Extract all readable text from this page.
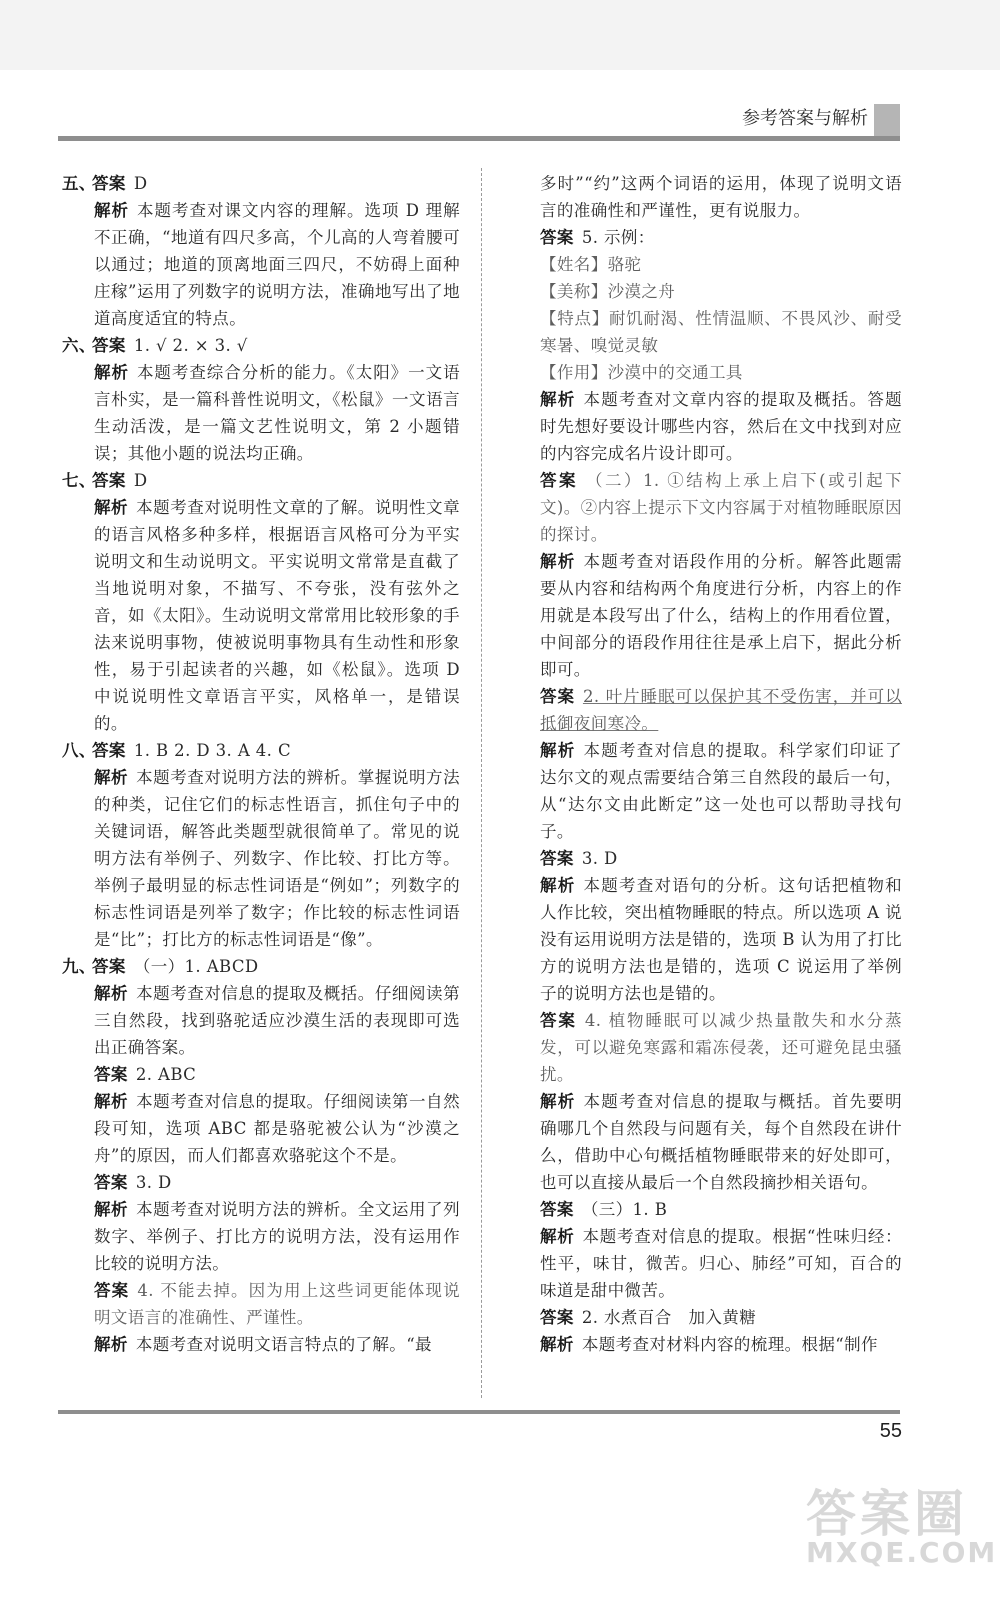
参考答案与解析

五、答案 D

解析 本题考查对课文内容的理解。选项 D 理解不正确，“地道有四尺多高，个儿高的人弯着腰可以通过；地道的顶离地面三四尺，不妨碍上面种庄稼”运用了列数字的说明方法，准确地写出了地道高度适宜的特点。

六、答案 1. √ 2. × 3. √

解析 本题考查综合分析的能力。《太阳》一文语言朴实，是一篇科普性说明文，《松鼠》一文语言生动活泼，是一篇文艺性说明文，第 2 小题错误；其他小题的说法均正确。

七、答案 D

解析 本题考查对说明性文章的了解。说明性文章的语言风格多种多样，根据语言风格可分为平实说明文和生动说明文。平实说明文常常是直截了当地说明对象，不描写、不夸张，没有弦外之音，如《太阳》。生动说明文常常用比较形象的手法来说明事物，使被说明事物具有生动性和形象性，易于引起读者的兴趣，如《松鼠》。选项 D 中说说明性文章语言平实，风格单一，是错误的。

八、答案 1. B 2. D 3. A 4. C

解析 本题考查对说明方法的辨析。掌握说明方法的种类，记住它们的标志性语言，抓住句子中的关键词语，解答此类题型就很简单了。常见的说明方法有举例子、列数字、作比较、打比方等。举例子最明显的标志性词语是“例如”；列数字的标志性词语是列举了数字；作比较的标志性词语是“比”；打比方的标志性词语是“像”。

九、答案 （一）1. ABCD

解析 本题考查对信息的提取及概括。仔细阅读第三自然段，找到骆驼适应沙漠生活的表现即可选出正确答案。

答案 2. ABC

解析 本题考查对信息的提取。仔细阅读第一自然段可知，选项 ABC 都是骆驼被公认为“沙漠之舟”的原因，而人们都喜欢骆驼这个不是。

答案 3. D

解析 本题考查对说明方法的辨析。全文运用了列数字、举例子、打比方的说明方法，没有运用作比较的说明方法。

答案 4. 不能去掉。因为用上这些词更能体现说明文语言的准确性、严谨性。

解析 本题考查对说明文语言特点的了解。“最

多时”“约”这两个词语的运用，体现了说明文语言的准确性和严谨性，更有说服力。

答案 5. 示例：

【姓名】骆驼

【美称】沙漠之舟

【特点】耐饥耐渴、性情温顺、不畏风沙、耐受寒暑、嗅觉灵敏

【作用】沙漠中的交通工具

解析 本题考查对文章内容的提取及概括。答题时先想好要设计哪些内容，然后在文中找到对应的内容完成名片设计即可。

答案 （二）1. ①结构上承上启下(或引起下文)。②内容上提示下文内容属于对植物睡眠原因的探讨。

解析 本题考查对语段作用的分析。解答此题需要从内容和结构两个角度进行分析，内容上的作用就是本段写出了什么，结构上的作用看位置，中间部分的语段作用往往是承上启下，据此分析即可。

答案 2. 叶片睡眠可以保护其不受伤害，并可以抵御夜间寒冷。

解析 本题考查对信息的提取。科学家们印证了达尔文的观点需要结合第三自然段的最后一句，从“达尔文由此断定”这一处也可以帮助寻找句子。

答案 3. D

解析 本题考查对语句的分析。这句话把植物和人作比较，突出植物睡眠的特点。所以选项 A 说没有运用说明方法是错的，选项 B 认为用了打比方的说明方法也是错的，选项 C 说运用了举例子的说明方法也是错的。

答案 4. 植物睡眠可以减少热量散失和水分蒸发，可以避免寒露和霜冻侵袭，还可避免昆虫骚扰。

解析 本题考查对信息的提取与概括。首先要明确哪几个自然段与问题有关，每个自然段在讲什么，借助中心句概括植物睡眠带来的好处即可，也可以直接从最后一个自然段摘抄相关语句。

答案 （三）1. B

解析 本题考查对信息的提取。根据“性味归经：性平，味甘，微苦。归心、肺经”可知，百合的味道是甜中微苦。

答案 2. 水煮百合　加入黄糖

解析 本题考查对材料内容的梳理。根据“制作

55
答案圈
MXQE.COM
